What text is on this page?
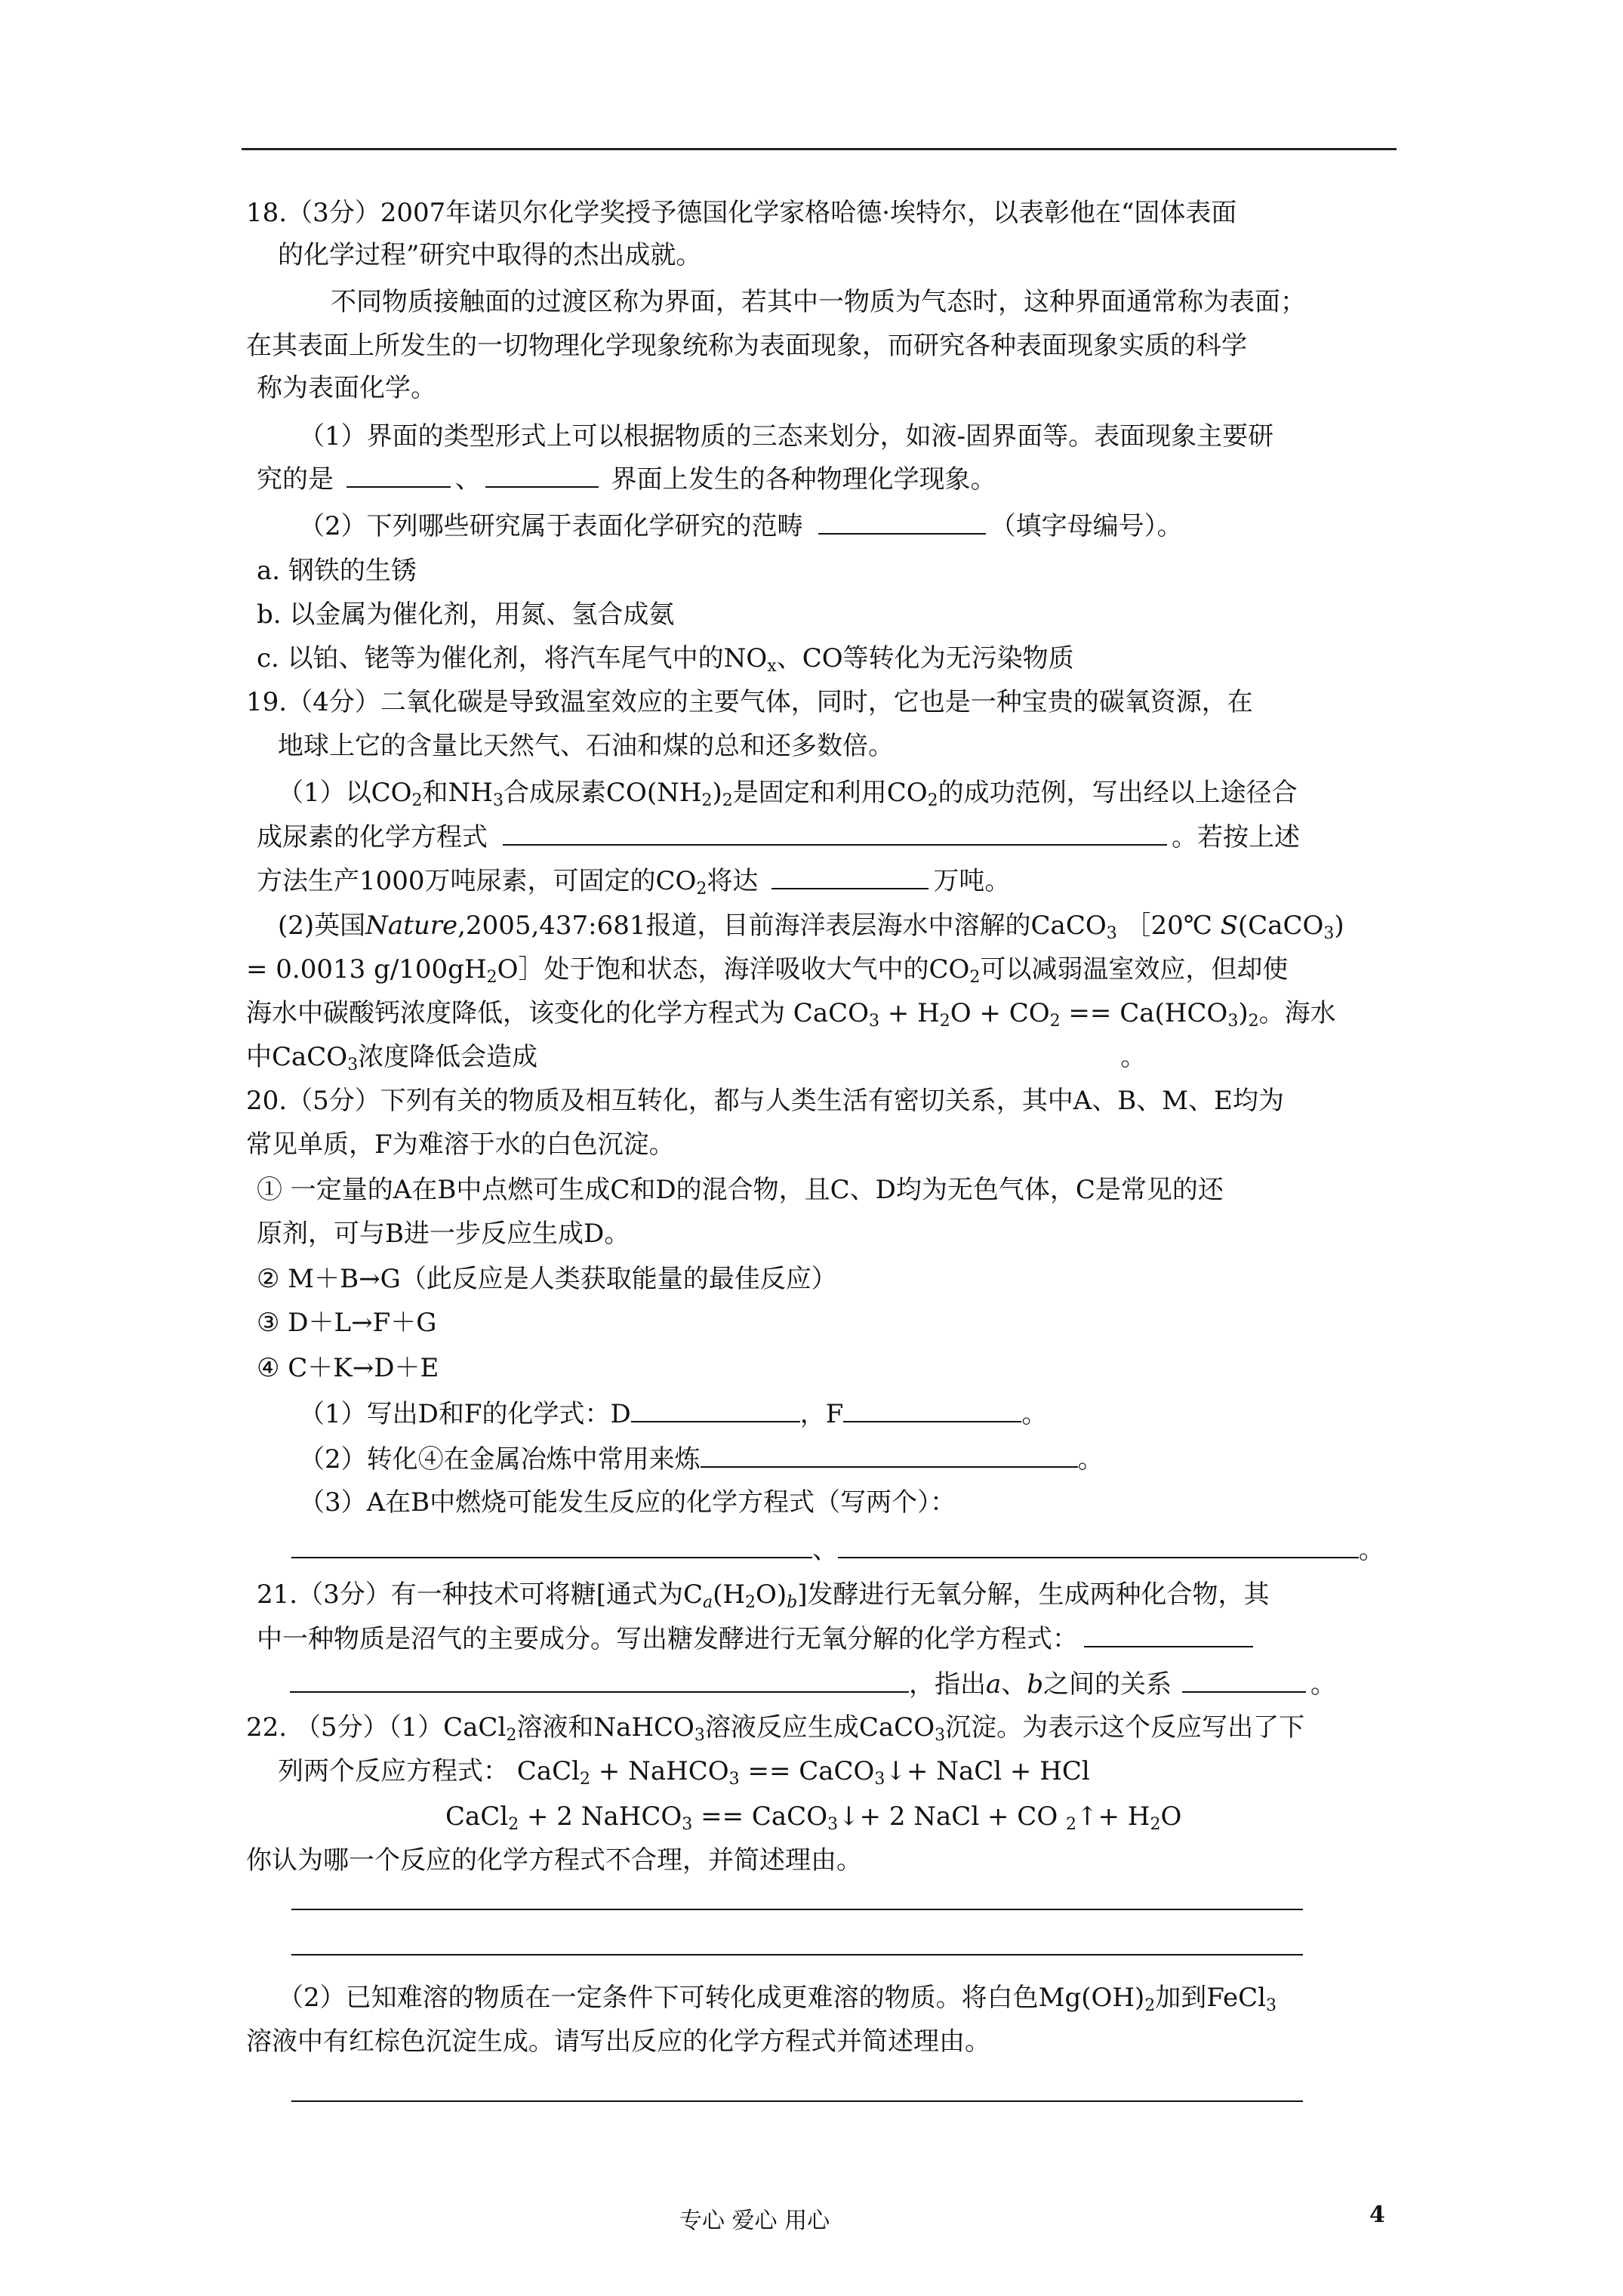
18.（3分）2007年诺贝尔化学奖授予德国化学家格哈德·埃特尔，以表彰他在“固体表面
的化学过程”研究中取得的杰出成就。
不同物质接触面的过渡区称为界面，若其中一物质为气态时，这种界面通常称为表面；
在其表面上所发生的一切物理化学现象统称为表面现象，而研究各种表面现象实质的科学
称为表面化学。
（1）界面的类型形式上可以根据物质的三态来划分，如液-固界面等。表面现象主要研
究的是	、	界面上发生的各种物理化学现象。
（2）下列哪些研究属于表面化学研究的范畴	（填字母编号）。
a. 钢铁的生锈
b. 以金属为催化剂，用氮、氢合成氨
c. 以铂、铑等为催化剂，将汽车尾气中的$NO_x$、CO等转化为无污染物质
19.（4分）二氧化碳是导致温室效应的主要气体，同时，它也是一种宝贵的碳氧资源，在
地球上它的含量比天然气、石油和煤的总和还多数倍。
（1）以$CO_2$和$NH_3$合成尿素$CO(NH_2)_2$是固定和利用$CO_2$的成功范例，写出经以上途径合
成尿素的化学方程式	。若按上述
方法生产1000万吨尿素，可固定的$CO_2$将达	万吨。
(2)英国Nature,2005,437:681报道，目前海洋表层海水中溶解的CaCO$_3$ ［20℃ S(CaCO$_3$)
= 0.0013 $g/100gH_2O]$处于饱和状态，海洋吸收大气中的$CO_2$可以减弱温室效应，但却使
海水中碳酸钙浓度降低，该变化的化学方程式为 CaCO$_3$ + $H_2O + CO_2 == Ca(HCO_3)_2$。海水
中CaCO$_3$浓度降低会造成	。
20.（5分）下列有关的物质及相互转化，都与人类生活有密切关系，其中A、B、M、E均为
常见单质，F为难溶于水的白色沉淀。
① 一定量的A在B中点燃可生成C和D的混合物，且C、D均为无色气体，C是常见的还
原剂，可与B进一步反应生成D。
② M＋B→G（此反应是人类获取能量的最佳反应）
③ D＋L→F＋G
④ C＋K→D＋E
（1）写出D和F的化学式：D	，F	。
（2）转化④在金属冶炼中常用来炼	。
（3）A在B中燃烧可能发生反应的化学方程式（写两个）：
、	。
21.（3分）有一种技术可将糖[通式为$C_a(H_2O)_b$]发酵进行无氧分解，生成两种化合物，其
中一种物质是沼气的主要成分。写出糖发酵进行无氧分解的化学方程式：
，指出a、b之间的关系	。
22. （5分）（1）CaCl$_2$溶液和NaHCO$_3$溶液反应生成CaCO$_3$沉淀。为表示这个反应写出了下
列两个反应方程式： CaCl$_2$ + NaHCO$_3$ == CaCO$_3$↓+ NaCl + HCl
CaCl$_2$ + 2 NaHCO$_3$ == CaCO$_3$↓+ 2 NaCl + CO $_2$↑+ $H_2O$
你认为哪一个反应的化学方程式不合理，并简述理由。
（2）已知难溶的物质在一定条件下可转化成更难溶的物质。将白色$Mg(OH)_2$加到FeCl$_3$
溶液中有红棕色沉淀生成。请写出反应的化学方程式并简述理由。
专心 爱心 用心	4
